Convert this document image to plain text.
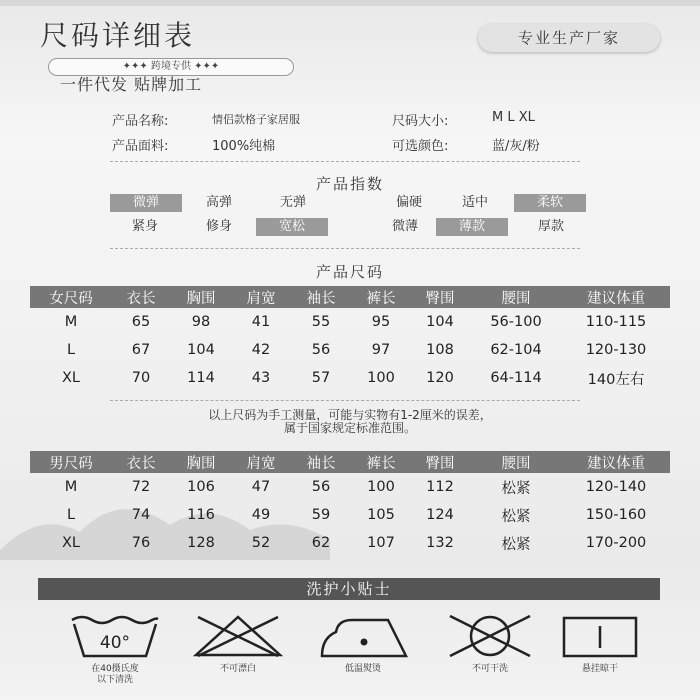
尺码详细表	专业生产厂家
✦✦✦ 跨境专供 ✦✦✦
一件代发 贴牌加工
产品名称:	情侣款格子家居服	尺码大小:	M L XL
产品面料:	100%纯棉	可选颜色:	蓝/灰/粉
产品指数
微弹	高弹	无弹	偏硬	适中	柔软
紧身	修身	宽松	微薄	薄款	厚款
产品尺码
女尺码	衣长	胸围	肩宽	袖长	裤长	臀围	腰围	建议体重
M	65	98	41	55	95	104	56-100	110-115
L	67	104	42	56	97	108	62-104	120-130
XL	70	114	43	57	100	120	64-114	140左右
以上尺码为手工测量，可能与实物有1-2厘米的误差，
属于国家规定标准范围。
男尺码	衣长	胸围	肩宽	袖长	裤长	臀围	腰围	建议体重
M	72	106	47	56	100	112	松紧	120-140
L	74	116	49	59	105	124	松紧	150-160
XL	76	128	52	62	107	132	松紧	170-200
洗护小贴士
40°
在40摄氏度
以下清洗
不可漂白	低温熨烫	不可干洗	悬挂晾干
